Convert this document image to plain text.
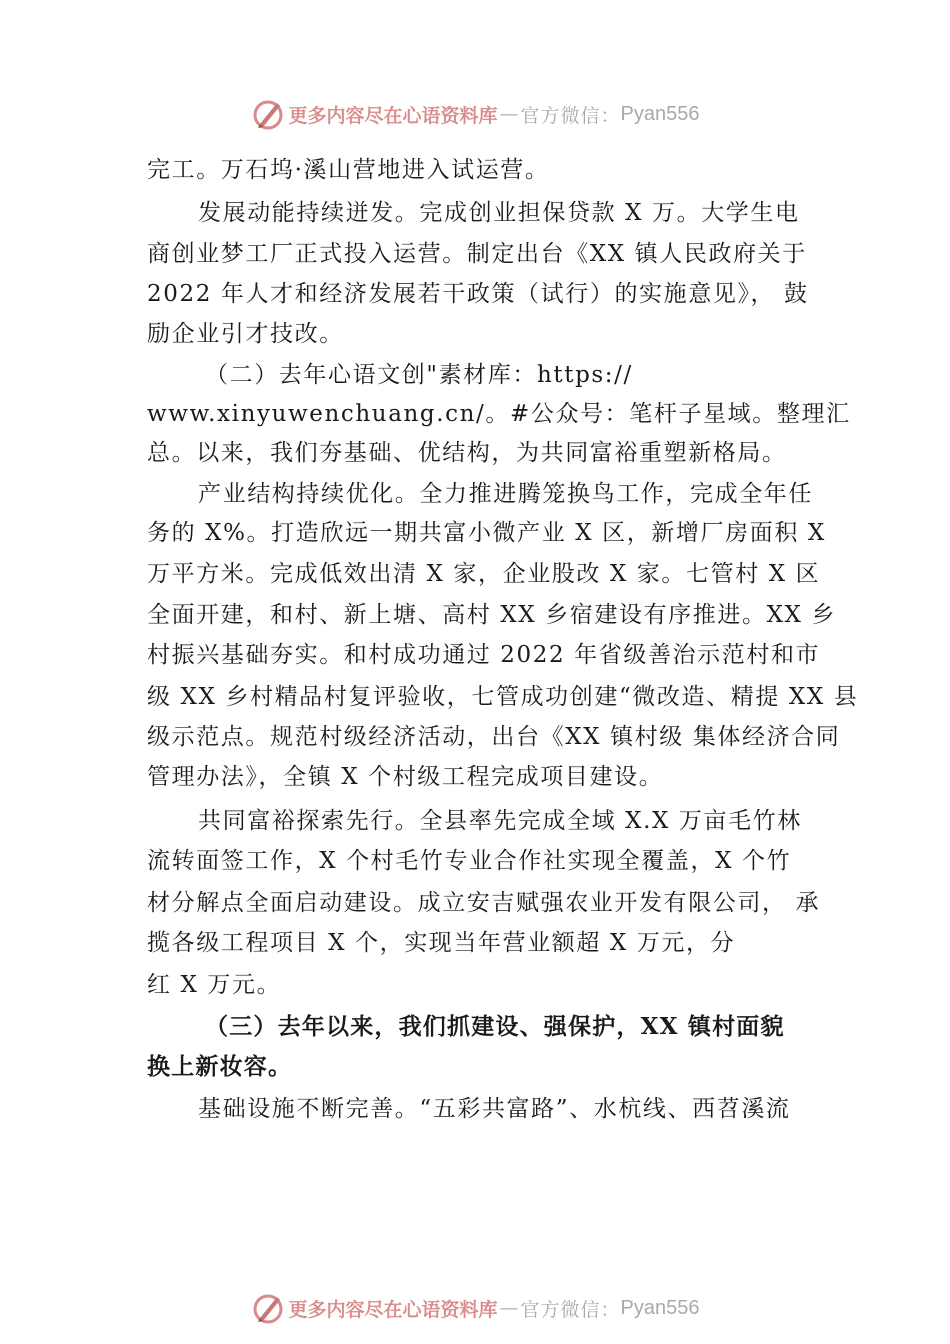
更多内容尽在心语资料库 — 官方微信： Pyan556
完工。万石坞·溪山营地进入试运营。
发展动能持续迸发。完成创业担保贷款 X 万。大学生电
商创业梦工厂正式投入运营。制定出台《XX 镇人民政府关于
2022 年人才和经济发展若干政策（试行）的实施意见》， 鼓
励企业引才技改。
（二）去年心语文创"素材库：https://
www.xinyuwenchuang.cn/。#公众号：笔杆子星域。整理汇
总。以来，我们夯基础、优结构，为共同富裕重塑新格局。
产业结构持续优化。全力推进腾笼换鸟工作，完成全年任
务的 X%。打造欣远一期共富小微产业 X 区，新增厂房面积 X
万平方米。完成低效出清 X 家，企业股改 X 家。七管村 X 区
全面开建，和村、新上塘、高村 XX 乡宿建设有序推进。XX 乡
村振兴基础夯实。和村成功通过 2022 年省级善治示范村和市
级 XX 乡村精品村复评验收，七管成功创建“微改造、精提 XX 县
级示范点。规范村级经济活动，出台《XX 镇村级 集体经济合同
管理办法》，全镇 X 个村级工程完成项目建设。
共同富裕探索先行。全县率先完成全域 X.X 万亩毛竹林
流转面签工作，X 个村毛竹专业合作社实现全覆盖，X 个竹
材分解点全面启动建设。成立安吉赋强农业开发有限公司， 承
揽各级工程项目 X 个，实现当年营业额超 X 万元，分
红 X 万元。
（三）去年以来，我们抓建设、强保护，XX 镇村面貌
换上新妆容。
基础设施不断完善。“五彩共富路”、水杭线、西苕溪流
更多内容尽在心语资料库 — 官方微信： Pyan556
